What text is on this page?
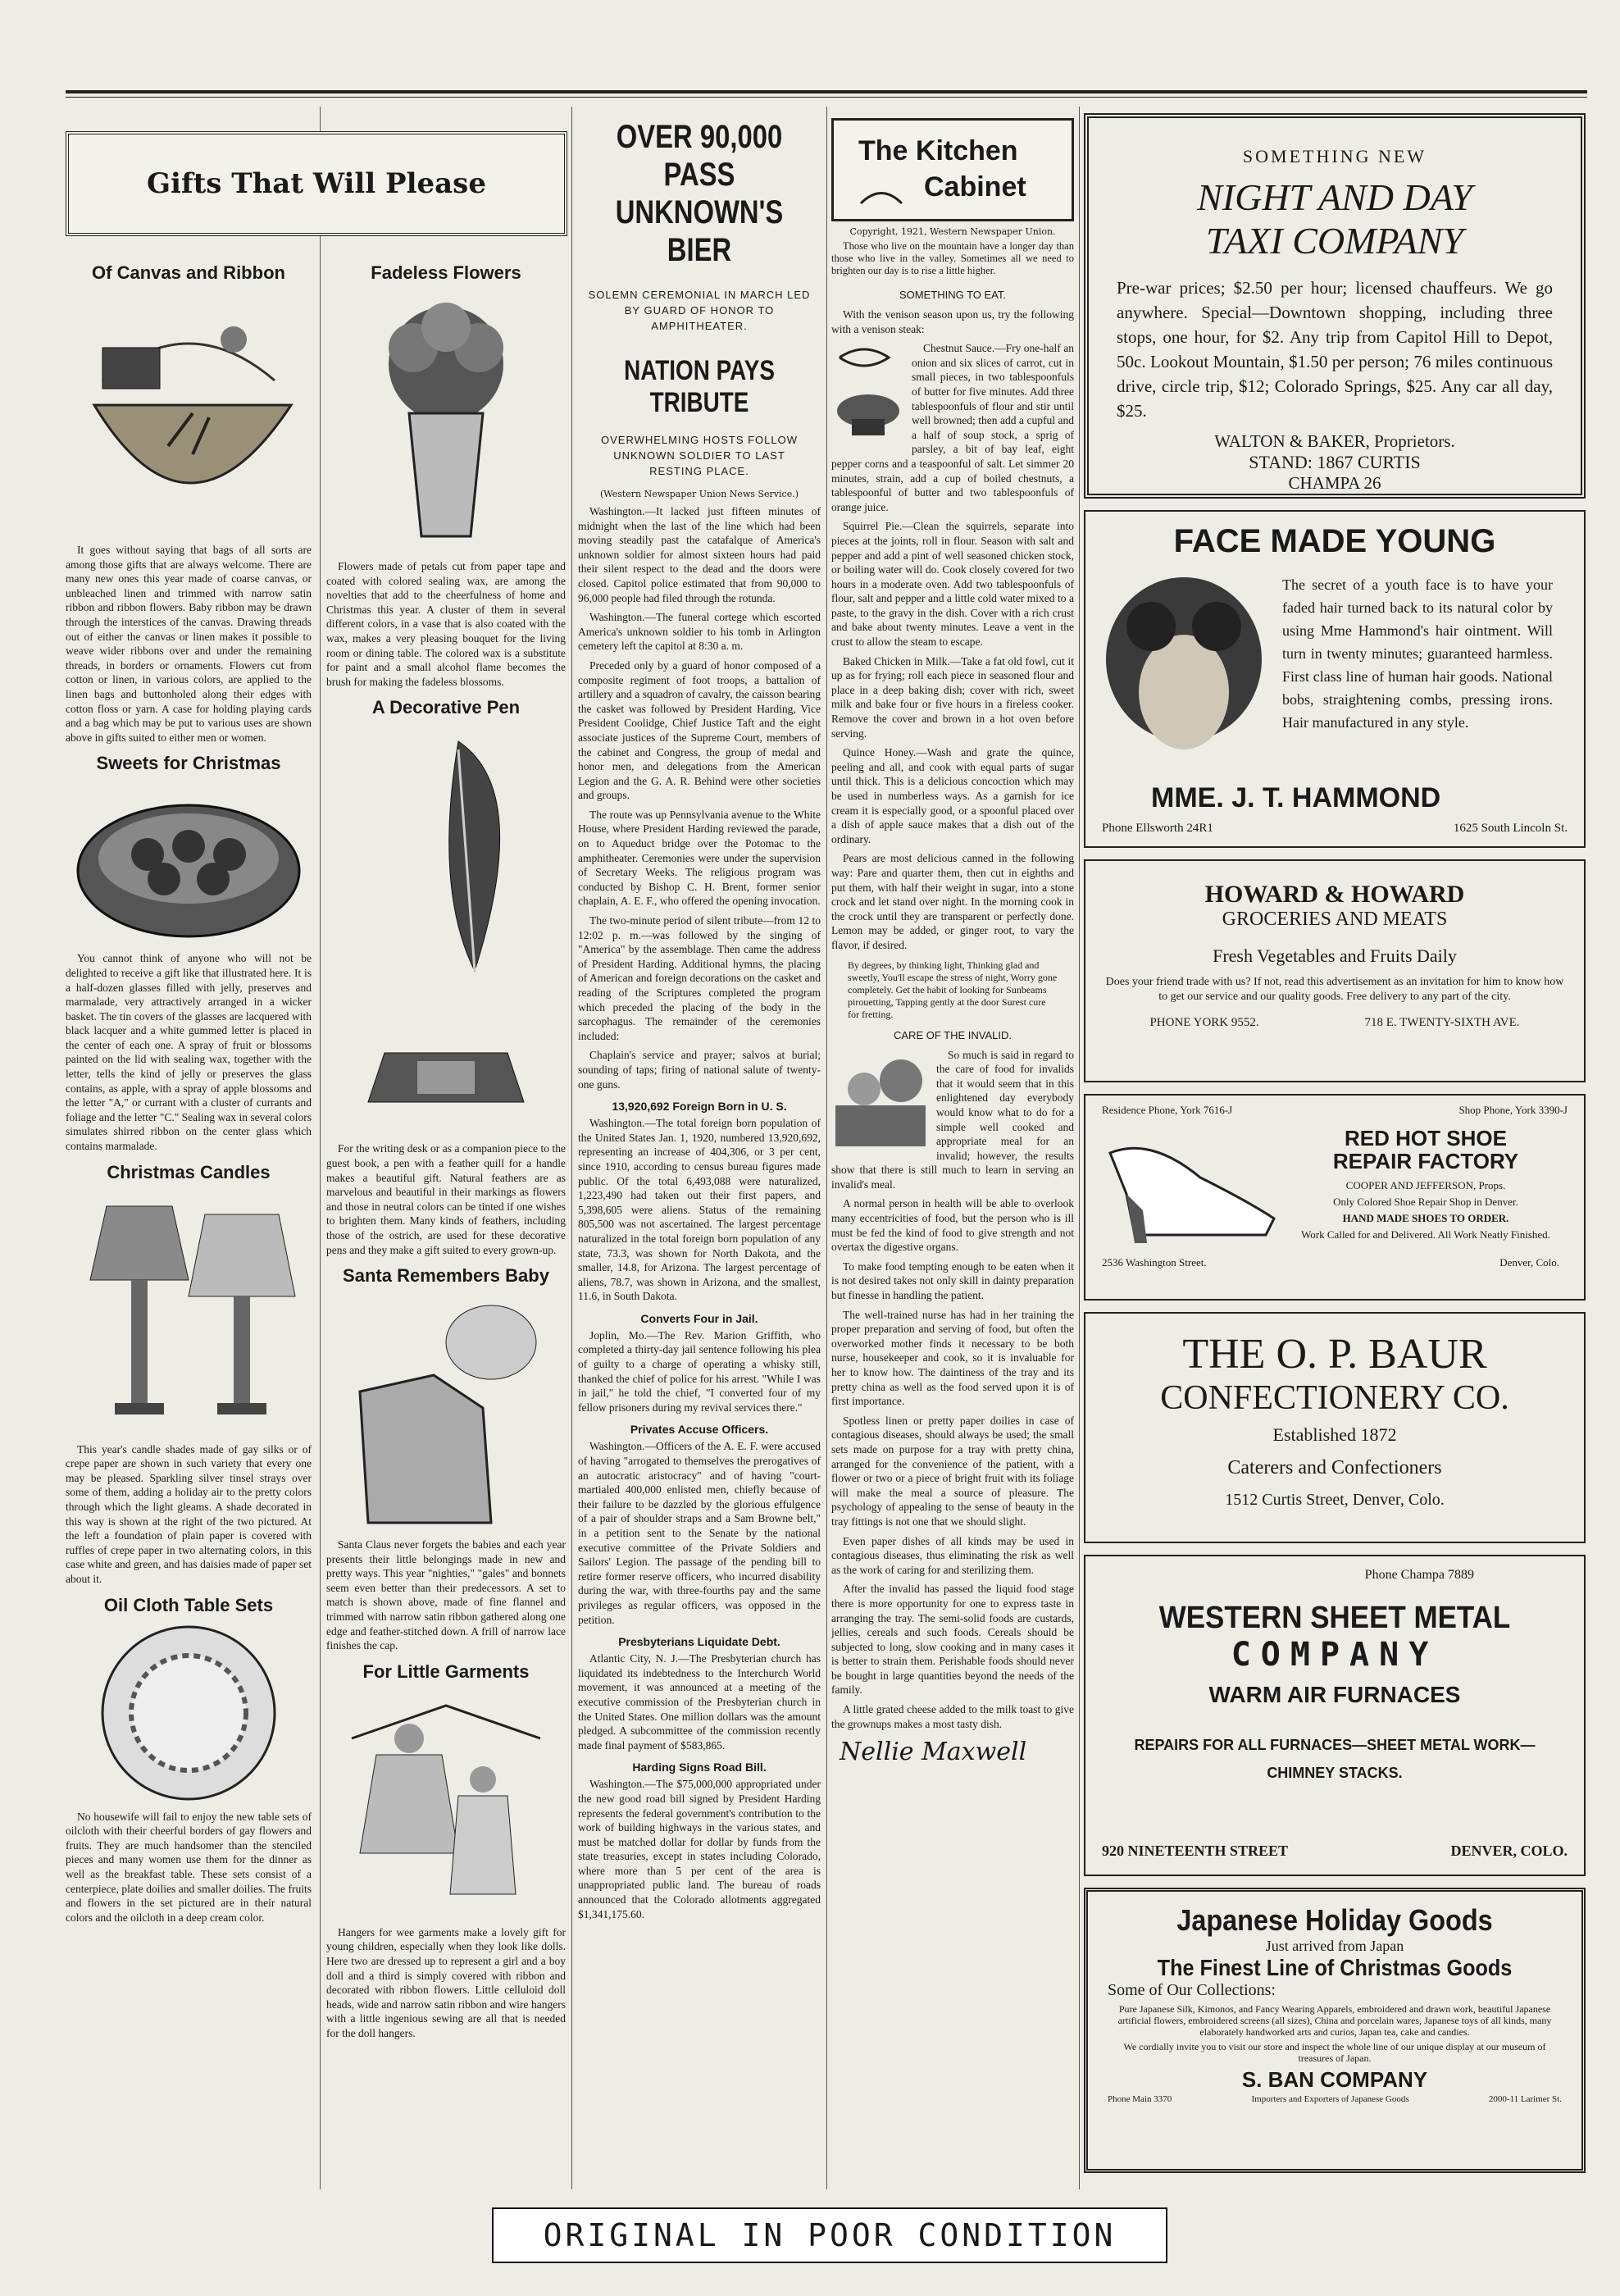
Gifts That Will Please
Of Canvas and Ribbon

It goes without saying that bags of all sorts are among those gifts that are always welcome. There are many new ones this year made of coarse canvas, or unbleached linen and trimmed with narrow satin ribbon and ribbon flowers. Baby ribbon may be drawn through the interstices of the canvas. Drawing threads out of either the canvas or linen makes it possible to weave wider ribbons over and under the remaining threads, in borders or ornaments. Flowers cut from cotton or linen, in various colors, are applied to the linen bags and buttonholed along their edges with cotton floss or yarn. A case for holding playing cards and a bag which may be put to various uses are shown above in gifts suited to either men or women.

Sweets for Christmas

You cannot think of anyone who will not be delighted to receive a gift like that illustrated here. It is a half-dozen glasses filled with jelly, preserves and marmalade, very attractively arranged in a wicker basket. The tin covers of the glasses are lacquered with black lacquer and a white gummed letter is placed in the center of each one. A spray of fruit or blossoms painted on the lid with sealing wax, together with the letter, tells the kind of jelly or preserves the glass contains, as apple, with a spray of apple blossoms and the letter "A," or currant with a cluster of currants and foliage and the letter "C." Sealing wax in several colors simulates shirred ribbon on the center glass which contains marmalade.

Christmas Candles

This year's candle shades made of gay silks or of crepe paper are shown in such variety that every one may be pleased. Sparkling silver tinsel strays over some of them, adding a holiday air to the pretty colors through which the light gleams. A shade decorated in this way is shown at the right of the two pictured. At the left a foundation of plain paper is covered with ruffles of crepe paper in two alternating colors, in this case white and green, and has daisies made of paper set about it.

Oil Cloth Table Sets

No housewife will fail to enjoy the new table sets of oilcloth with their cheerful borders of gay flowers and fruits. They are much handsomer than the stenciled pieces and many women use them for the dinner as well as the breakfast table. These sets consist of a centerpiece, plate doilies and smaller doilies. The fruits and flowers in the set pictured are in their natural colors and the oilcloth in a deep cream color.

Fadeless Flowers

Flowers made of petals cut from paper tape and coated with colored sealing wax, are among the novelties that add to the cheerfulness of home and Christmas this year. A cluster of them in several different colors, in a vase that is also coated with the wax, makes a very pleasing bouquet for the living room or dining table. The colored wax is a substitute for paint and a small alcohol flame becomes the brush for making the fadeless blossoms.

A Decorative Pen

For the writing desk or as a companion piece to the guest book, a pen with a feather quill for a handle makes a beautiful gift. Natural feathers are as marvelous and beautiful in their markings as flowers and those in neutral colors can be tinted if one wishes to brighten them. Many kinds of feathers, including those of the ostrich, are used for these decorative pens and they make a gift suited to every grown-up.

Santa Remembers Baby

Santa Claus never forgets the babies and each year presents their little belongings made in new and pretty ways. This year "nighties," "gales" and bonnets seem even better than their predecessors. A set to match is shown above, made of fine flannel and trimmed with narrow satin ribbon gathered along one edge and feather-stitched down. A frill of narrow lace finishes the cap.

For Little Garments

Hangers for wee garments make a lovely gift for young children, especially when they look like dolls. Here two are dressed up to represent a girl and a boy doll and a third is simply covered with ribbon and decorated with ribbon flowers. Little celluloid doll heads, wide and narrow satin ribbon and wire hangers with a little ingenious sewing are all that is needed for the doll hangers.

OVER 90,000 PASS UNKNOWN'S BIER
SOLEMN CEREMONIAL IN MARCH LED BY GUARD OF HONOR TO AMPHITHEATER.
NATION PAYS TRIBUTE
OVERWHELMING HOSTS FOLLOW UNKNOWN SOLDIER TO LAST RESTING PLACE.
(Western Newspaper Union News Service.)

Washington.—It lacked just fifteen minutes of midnight when the last of the line which had been moving steadily past the catafalque of America's unknown soldier for almost sixteen hours had paid their silent respect to the dead and the doors were closed. Capitol police estimated that from 90,000 to 96,000 people had filed through the rotunda.

Washington.—The funeral cortege which escorted America's unknown soldier to his tomb in Arlington cemetery left the capitol at 8:30 a. m.

Preceded only by a guard of honor composed of a composite regiment of foot troops, a battalion of artillery and a squadron of cavalry, the caisson bearing the casket was followed by President Harding, Vice President Coolidge, Chief Justice Taft and the eight associate justices of the Supreme Court, members of the cabinet and Congress, the group of medal and honor men, and delegations from the American Legion and the G. A. R. Behind were other societies and groups.

The route was up Pennsylvania avenue to the White House, where President Harding reviewed the parade, on to Aqueduct bridge over the Potomac to the amphitheater. Ceremonies were under the supervision of Secretary Weeks. The religious program was conducted by Bishop C. H. Brent, former senior chaplain, A. E. F., who offered the opening invocation.

The two-minute period of silent tribute—from 12 to 12:02 p. m.—was followed by the singing of "America" by the assemblage. Then came the address of President Harding. Additional hymns, the placing of American and foreign decorations on the casket and reading of the Scriptures completed the program which preceded the placing of the body in the sarcophagus. The remainder of the ceremonies included:

Chaplain's service and prayer; salvos at burial; sounding of taps; firing of national salute of twenty-one guns.

13,920,692 Foreign Born in U. S.

Washington.—The total foreign born population of the United States Jan. 1, 1920, numbered 13,920,692, representing an increase of 404,306, or 3 per cent, since 1910, according to census bureau figures made public. Of the total 6,493,088 were naturalized, 1,223,490 had taken out their first papers, and 5,398,605 were aliens. Status of the remaining 805,500 was not ascertained. The largest percentage naturalized in the total foreign born population of any state, 73.3, was shown for North Dakota, and the smaller, 14.8, for Arizona. The largest percentage of aliens, 78.7, was shown in Arizona, and the smallest, 11.6, in South Dakota.

Converts Four in Jail.

Joplin, Mo.—The Rev. Marion Griffith, who completed a thirty-day jail sentence following his plea of guilty to a charge of operating a whisky still, thanked the chief of police for his arrest. "While I was in jail," he told the chief, "I converted four of my fellow prisoners during my revival services there."

Privates Accuse Officers.

Washington.—Officers of the A. E. F. were accused of having "arrogated to themselves the prerogatives of an autocratic aristocracy" and of having "court-martialed 400,000 enlisted men, chiefly because of their failure to be dazzled by the glorious effulgence of a pair of shoulder straps and a Sam Browne belt," in a petition sent to the Senate by the national executive committee of the Private Soldiers and Sailors' Legion. The passage of the pending bill to retire former reserve officers, who incurred disability during the war, with three-fourths pay and the same privileges as regular officers, was opposed in the petition.

Presbyterians Liquidate Debt.

Atlantic City, N. J.—The Presbyterian church has liquidated its indebtedness to the Interchurch World movement, it was announced at a meeting of the executive commission of the Presbyterian church in the United States. One million dollars was the amount pledged. A subcommittee of the commission recently made final payment of $583,865.

Harding Signs Road Bill.

Washington.—The $75,000,000 appropriated under the new good road bill signed by President Harding represents the federal government's contribution to the work of building highways in the various states, and must be matched dollar for dollar by funds from the state treasuries, except in states including Colorado, where more than 5 per cent of the area is unappropriated public land. The bureau of roads announced that the Colorado allotments aggregated $1,341,175.60.

The Kitchen
Cabinet
Copyright, 1921, Western Newspaper Union.

Those who live on the mountain have a longer day than those who live in the valley. Sometimes all we need to brighten our day is to rise a little higher.

SOMETHING TO EAT.

With the venison season upon us, try the following with a venison steak:

Chestnut Sauce.—Fry one-half an onion and six slices of carrot, cut in small pieces, in two tablespoonfuls of butter for five minutes. Add three tablespoonfuls of flour and stir until well browned; then add a cupful and a half of soup stock, a sprig of parsley, a bit of bay leaf, eight pepper corns and a teaspoonful of salt. Let simmer 20 minutes, strain, add a cup of boiled chestnuts, a tablespoonful of butter and two tablespoonfuls of orange juice.

Squirrel Pie.—Clean the squirrels, separate into pieces at the joints, roll in flour. Season with salt and pepper and add a pint of well seasoned chicken stock, or boiling water will do. Cook closely covered for two hours in a moderate oven. Add two tablespoonfuls of flour, salt and pepper and a little cold water mixed to a paste, to the gravy in the dish. Cover with a rich crust and bake about twenty minutes. Leave a vent in the crust to allow the steam to escape.

Baked Chicken in Milk.—Take a fat old fowl, cut it up as for frying; roll each piece in seasoned flour and place in a deep baking dish; cover with rich, sweet milk and bake four or five hours in a fireless cooker. Remove the cover and brown in a hot oven before serving.

Quince Honey.—Wash and grate the quince, peeling and all, and cook with equal parts of sugar until thick. This is a delicious concoction which may be used in numberless ways. As a garnish for ice cream it is especially good, or a spoonful placed over a dish of apple sauce makes that a dish out of the ordinary.

Pears are most delicious canned in the following way: Pare and quarter them, then cut in eighths and put them, with half their weight in sugar, into a stone crock and let stand over night. In the morning cook in the crock until they are transparent or perfectly done. Lemon may be added, or ginger root, to vary the flavor, if desired.

By degrees, by thinking light, Thinking glad and sweetly, You'll escape the stress of night, Worry gone completely. Get the habit of looking for Sunbeams pirouetting, Tapping gently at the door Surest cure for fretting.

CARE OF THE INVALID.

So much is said in regard to the care of food for invalids that it would seem that in this enlightened day everybody would know what to do for a simple well cooked and appropriate meal for an invalid; however, the results show that there is still much to learn in serving an invalid's meal.

A normal person in health will be able to overlook many eccentricities of food, but the person who is ill must be fed the kind of food to give strength and not overtax the digestive organs.

To make food tempting enough to be eaten when it is not desired takes not only skill in dainty preparation but finesse in handling the patient.

The well-trained nurse has had in her training the proper preparation and serving of food, but often the overworked mother finds it necessary to be both nurse, housekeeper and cook, so it is invaluable for her to know how. The daintiness of the tray and its pretty china as well as the food served upon it is of first importance.

Spotless linen or pretty paper doilies in case of contagious diseases, should always be used; the small sets made on purpose for a tray with pretty china, arranged for the convenience of the patient, with a flower or two or a piece of bright fruit with its foliage will make the meal a source of pleasure. The psychology of appealing to the sense of beauty in the tray fittings is not one that we should slight.

Even paper dishes of all kinds may be used in contagious diseases, thus eliminating the risk as well as the work of caring for and sterilizing them.

After the invalid has passed the liquid food stage there is more opportunity for one to express taste in arranging the tray. The semi-solid foods are custards, jellies, cereals and such foods. Cereals should be subjected to long, slow cooking and in many cases it is better to strain them. Perishable foods should never be bought in large quantities beyond the needs of the family.

A little grated cheese added to the milk toast to give the grownups makes a most tasty dish.

Nellie Maxwell
SOMETHING NEW
NIGHT AND DAY
TAXI COMPANY
Pre-war prices; $2.50 per hour; licensed chauffeurs. We go anywhere. Special—Downtown shopping, including three stops, one hour, for $2. Any trip from Capitol Hill to Depot, 50c. Lookout Mountain, $1.50 per person; 76 miles continuous drive, circle trip, $12; Colorado Springs, $25. Any car all day, $25.
WALTON & BAKER, Proprietors.
STAND: 1867 CURTIS
CHAMPA 26
FACE MADE YOUNG
The secret of a youth face is to have your faded hair turned back to its natural color by using Mme Hammond's hair ointment. Will turn in twenty minutes; guaranteed harmless. First class line of human hair goods. National bobs, straightening combs, pressing irons. Hair manufactured in any style.
MME. J. T. HAMMOND
Phone Ellsworth 24R1	1625 South Lincoln St.
HOWARD & HOWARD
GROCERIES AND MEATS
Fresh Vegetables and Fruits Daily
Does your friend trade with us? If not, read this advertisement as an invitation for him to know how to get our service and our quality goods. Free delivery to any part of the city.
PHONE YORK 9552.	718 E. TWENTY-SIXTH AVE.
Residence Phone, York 7616-J	Shop Phone, York 3390-J
RED HOT SHOE
REPAIR FACTORY
COOPER AND JEFFERSON, Props.
Only Colored Shoe Repair Shop in Denver.
HAND MADE SHOES TO ORDER.
Work Called for and Delivered. All Work Neatly Finished.
2536 Washington Street.	Denver, Colo.
THE O. P. BAUR
CONFECTIONERY CO.
Established 1872
Caterers and Confectioners
1512 Curtis Street, Denver, Colo.
Phone Champa 7889
WESTERN SHEET METAL
COMPANY
WARM AIR FURNACES
REPAIRS FOR ALL FURNACES—SHEET METAL WORK—CHIMNEY STACKS.
920 NINETEENTH STREET	DENVER, COLO.
Japanese Holiday Goods
Just arrived from Japan
The Finest Line of Christmas Goods
Some of Our Collections:
Pure Japanese Silk, Kimonos, and Fancy Wearing Apparels, embroidered and drawn work, beautiful Japanese artificial flowers, embroidered screens (all sizes), China and porcelain wares, Japanese toys of all kinds, many elaborately handworked arts and curios, Japan tea, cake and candies.
We cordially invite you to visit our store and inspect the whole line of our unique display at our museum of treasures of Japan.
S. BAN COMPANY
Phone Main 3370	Importers and Exporters of Japanese Goods	2000-11 Larimer St.
ORIGINAL IN POOR CONDITION
